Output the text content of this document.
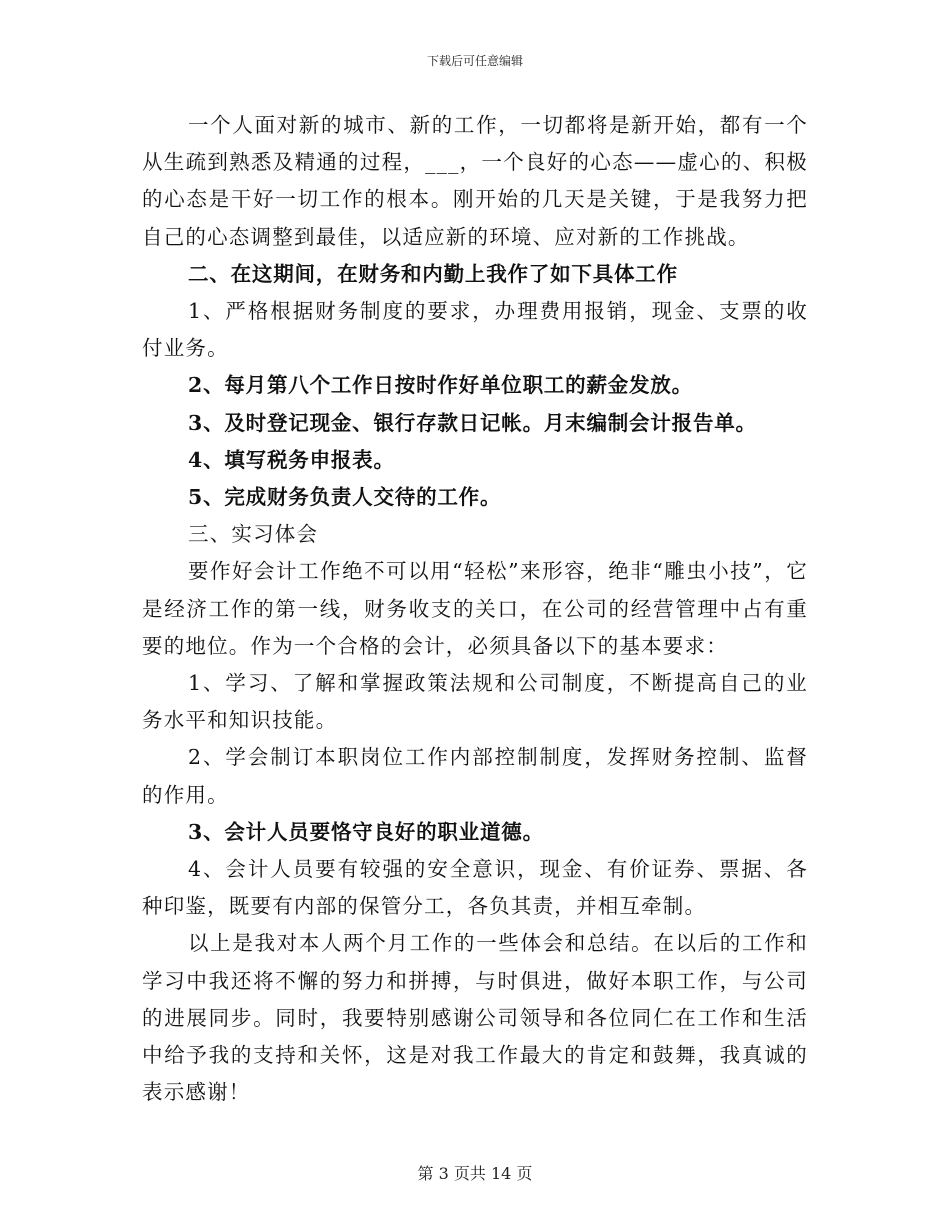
下载后可任意编辑

一个人面对新的城市、新的工作，一切都将是新开始，都有一个从生疏到熟悉及精通的过程，___，一个良好的心态——虚心的、积极的心态是干好一切工作的根本。刚开始的几天是关键，于是我努力把自己的心态调整到最佳，以适应新的环境、应对新的工作挑战。

二、在这期间，在财务和内勤上我作了如下具体工作

1、严格根据财务制度的要求，办理费用报销，现金、支票的收付业务。

2、每月第八个工作日按时作好单位职工的薪金发放。

3、及时登记现金、银行存款日记帐。月末编制会计报告单。

4、填写税务申报表。

5、完成财务负责人交待的工作。

三、实习体会

要作好会计工作绝不可以用“轻松”来形容，绝非“雕虫小技”，它是经济工作的第一线，财务收支的关口，在公司的经营管理中占有重要的地位。作为一个合格的会计，必须具备以下的基本要求：

1、学习、了解和掌握政策法规和公司制度，不断提高自己的业务水平和知识技能。

2、学会制订本职岗位工作内部控制制度，发挥财务控制、监督的作用。

3、会计人员要恪守良好的职业道德。

4、会计人员要有较强的安全意识，现金、有价证券、票据、各种印鉴，既要有内部的保管分工，各负其责，并相互牵制。

以上是我对本人两个月工作的一些体会和总结。在以后的工作和学习中我还将不懈的努力和拼搏，与时俱进，做好本职工作，与公司的进展同步。同时，我要特别感谢公司领导和各位同仁在工作和生活中给予我的支持和关怀，这是对我工作最大的肯定和鼓舞，我真诚的表示感谢！

第 3 页共 14 页
